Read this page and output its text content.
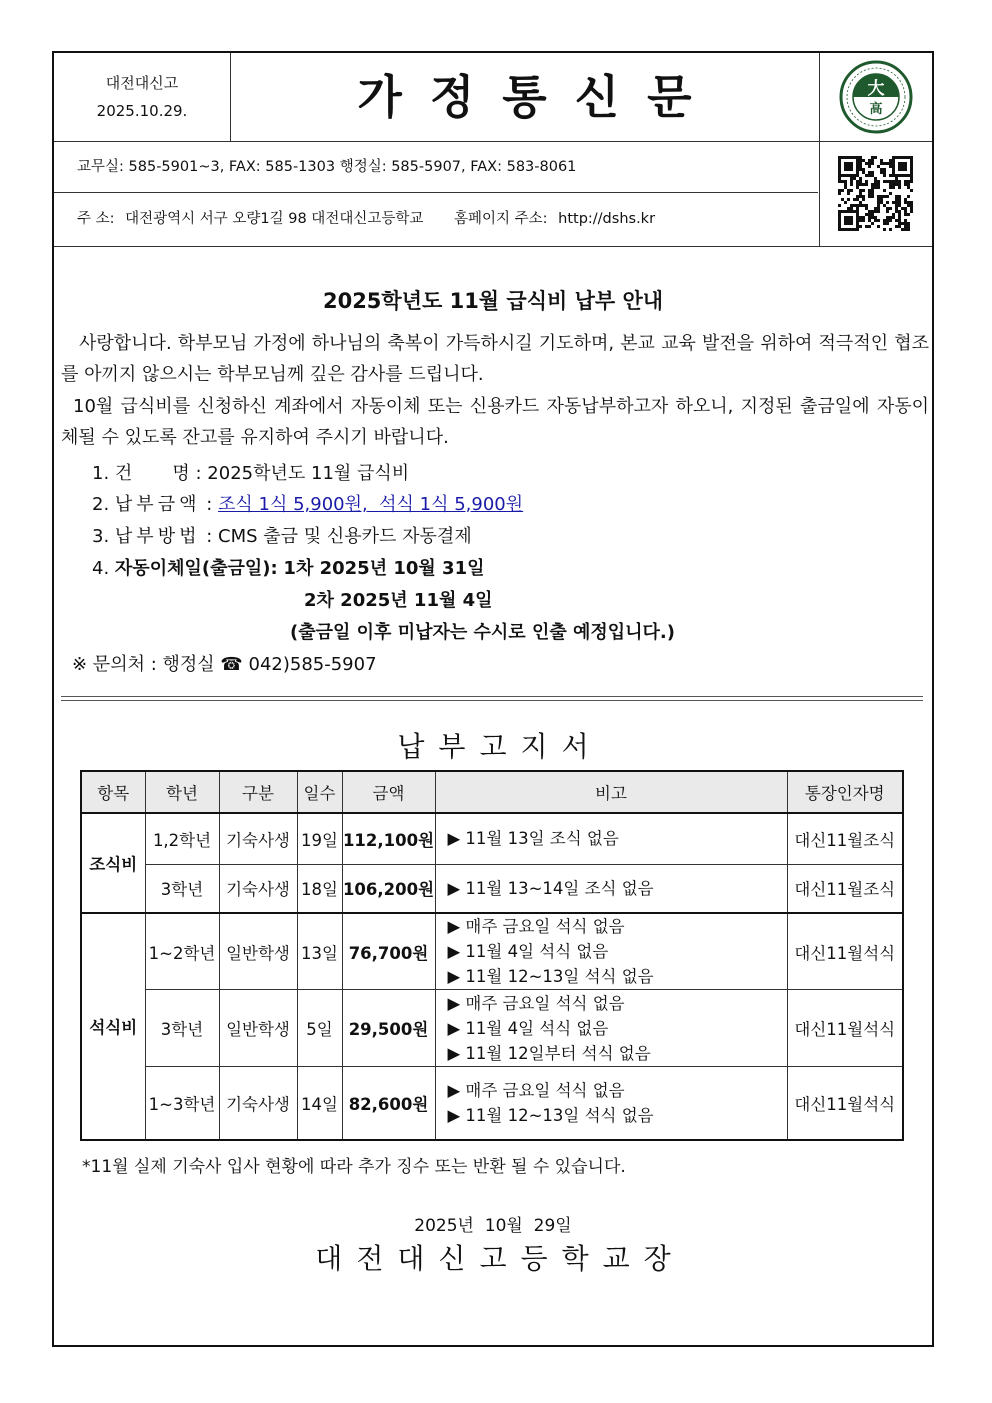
대전대신고
2025.10.29.	가정통신문	大
高
교무실: 585-5901~3, FAX: 585-1303 행정실: 585-5907, FAX: 583-8061
주 소: 대전광역시 서구 오량1길 98 대전대신고등학교 홈페이지 주소: http://dshs.kr
2025학년도 11월 급식비 납부 안내
사랑합니다. 학부모님 가정에 하나님의 축복이 가득하시길 기도하며, 본교 교육 발전을 위하여 적극적인 협조를 아끼지 않으시는 학부모님께 깊은 감사를 드립니다.
10월 급식비를 신청하신 계좌에서 자동이체 또는 신용카드 자동납부하고자 하오니, 지정된 출금일에 자동이체될 수 있도록 잔고를 유지하여 주시기 바랍니다.
1. 건       명 : 2025학년도 11월 급식비
2. 납부금액 : 조식 1식 5,900원,  석식 1식 5,900원
3. 납부방법 : CMS 출금 및 신용카드 자동결제
4. 자동이체일(출금일): 1차 2025년 10월 31일
2차 2025년 11월 4일
(출금일 이후 미납자는 수시로 인출 예정입니다.)
※ 문의처 : 행정실 ☎ 042)585-5907
납부고지서
항목	학년	구분	일수	금액	비고	통장인자명
조식비	1,2학년	기숙사생	19일	112,100원	▶ 11월 13일 조식 없음	대신11월조식
	3학년	기숙사생	18일	106,200원	▶ 11월 13~14일 조식 없음	대신11월조식
석식비	1~2학년	일반학생	13일	76,700원	▶ 매주 금요일 석식 없음
▶ 11월 4일 석식 없음
▶ 11월 12~13일 석식 없음	대신11월석식
	3학년	일반학생	5일	29,500원	▶ 매주 금요일 석식 없음
▶ 11월 4일 석식 없음
▶ 11월 12일부터 석식 없음	대신11월석식
	1~3학년	기숙사생	14일	82,600원	▶ 매주 금요일 석식 없음
▶ 11월 12~13일 석식 없음	대신11월석식
*11월 실제 기숙사 입사 현황에 따라 추가 징수 또는 반환 될 수 있습니다.
2025년  10월  29일
대전대신고등학교장
